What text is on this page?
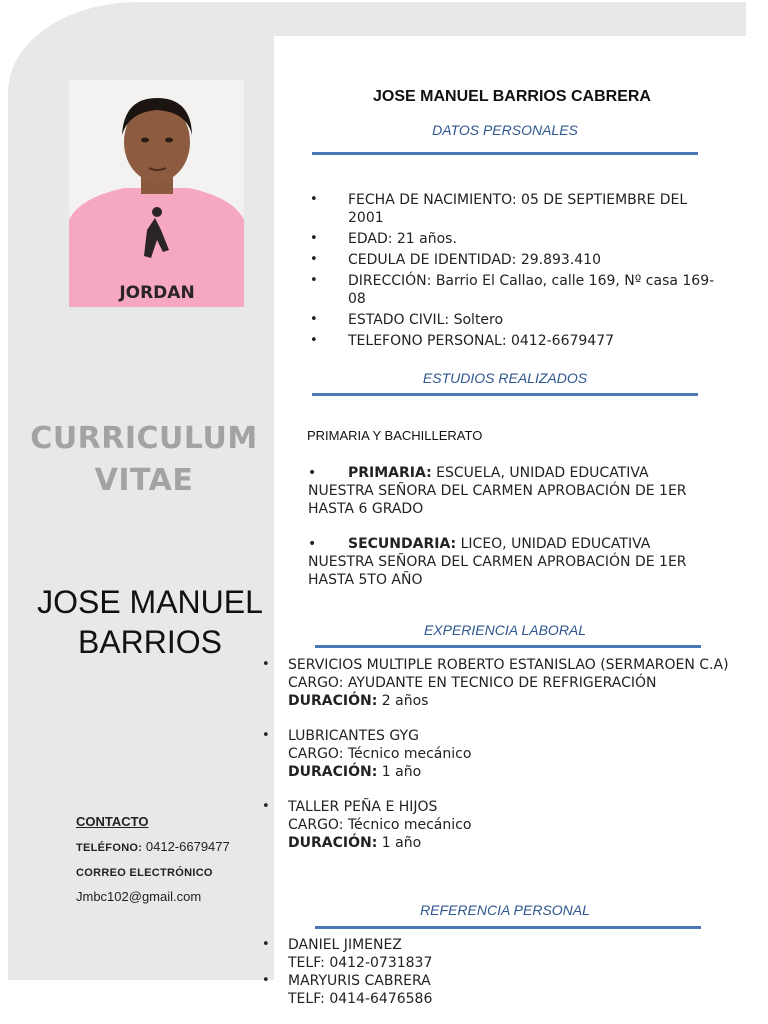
JORDAN
CURRICULUM
VITAE
JOSE MANUEL
BARRIOS
CONTACTO
TELÉFONO: 0412-6679477
CORREO ELECTRÓNICO
Jmbc102@gmail.com
JOSE MANUEL BARRIOS CABRERA
DATOS PERSONALES
• FECHA DE NACIMIENTO: 05 DE SEPTIEMBRE DEL 2001
• EDAD: 21 años.
• CEDULA DE IDENTIDAD: 29.893.410
• DIRECCIÓN: Barrio El Callao, calle 169, Nº casa 169-08
• ESTADO CIVIL: Soltero
• TELEFONO PERSONAL: 0412-6679477
ESTUDIOS REALIZADOS
PRIMARIA Y BACHILLERATO
• PRIMARIA: ESCUELA, UNIDAD EDUCATIVA NUESTRA SEÑORA DEL CARMEN APROBACIÓN DE 1ER HASTA 6 GRADO
• SECUNDARIA: LICEO, UNIDAD EDUCATIVA NUESTRA SEÑORA DEL CARMEN APROBACIÓN DE 1ER HASTA 5TO AÑO
EXPERIENCIA LABORAL
• SERVICIOS MULTIPLE ROBERTO ESTANISLAO (SERMAROEN C.A)
CARGO: AYUDANTE EN TECNICO DE REFRIGERACIÓN
DURACIÓN: 2 años
• LUBRICANTES GYG
CARGO: Técnico mecánico
DURACIÓN: 1 año
• TALLER PEÑA E HIJOS
CARGO: Técnico mecánico
DURACIÓN: 1 año
REFERENCIA PERSONAL
• DANIEL JIMENEZ
TELF: 0412-0731837
• MARYURIS CABRERA
TELF: 0414-6476586
